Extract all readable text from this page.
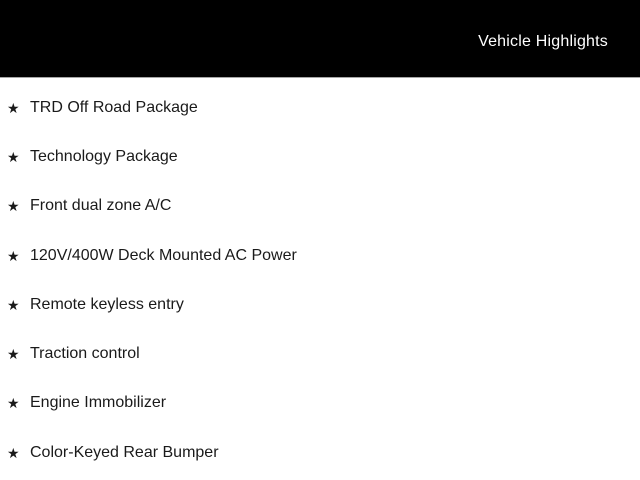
Vehicle Highlights
★ TRD Off Road Package
★ Technology Package
★ Front dual zone A/C
★ 120V/400W Deck Mounted AC Power
★ Remote keyless entry
★ Traction control
★ Engine Immobilizer
★ Color-Keyed Rear Bumper
